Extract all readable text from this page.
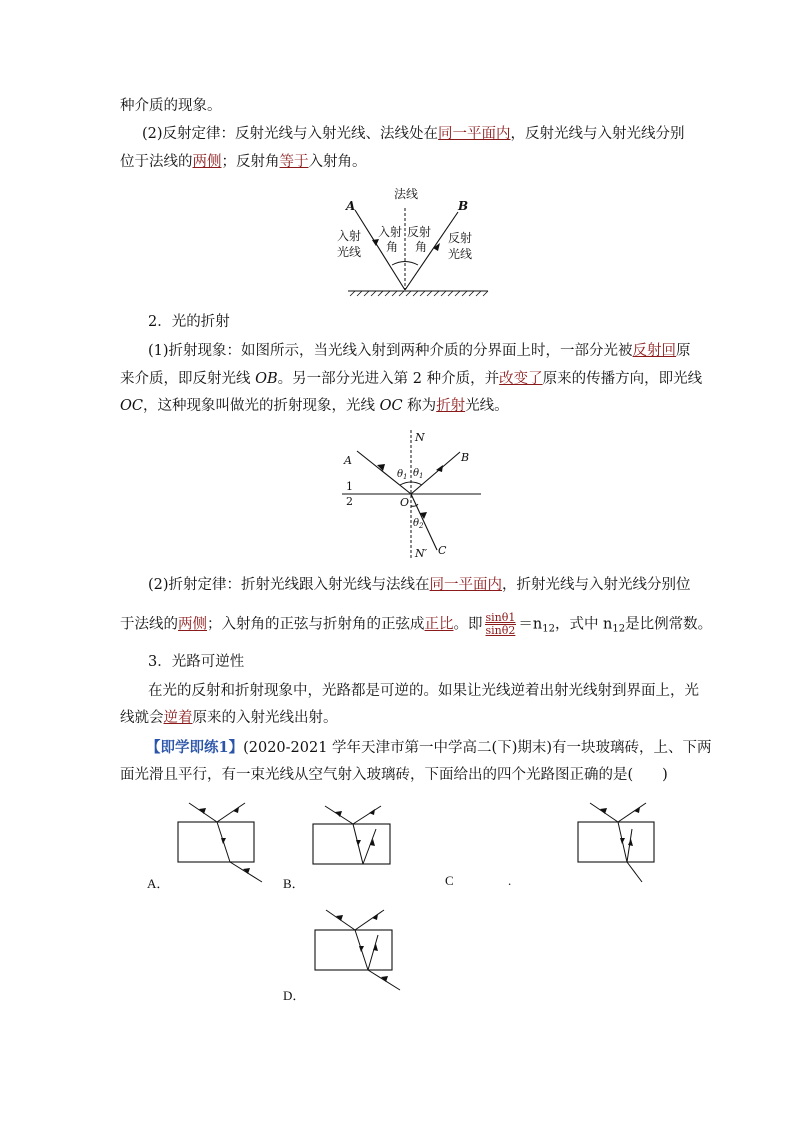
种介质的现象。
(2)反射定律：反射光线与入射光线、法线处在同一平面内，反射光线与入射光线分别
位于法线的两侧；反射角等于入射角。
法线
A	B
入射
光线
入射
角
反射
角
反射
光线
2．光的折射
(1)折射现象：如图所示，当光线入射到两种介质的分界面上时，一部分光被反射回原
来介质，即反射光线 OB。另一部分光进入第 2 种介质，并改变了原来的传播方向，即光线
OC，这种现象叫做光的折射现象，光线 OC 称为折射光线。
N
N′
A	B
C
O
1
2
$\theta_1$ $\theta_1$
$\theta_2$
(2)折射定律：折射光线跟入射光线与法线在同一平面内，折射光线与入射光线分别位
于法线的两侧；入射角的正弦与折射角的正弦成正比。即 $\frac{\sin\theta 1}{\sin\theta 2} =n_{12}$，式中 $n_{12}$是比例常数。
3．光路可逆性
在光的反射和折射现象中，光路都是可逆的。如果让光线逆着出射光线射到界面上，光
线就会逆着原来的入射光线出射。
【即学即练1】(2020-2021 学年天津市第一中学高二(下)期末)有一块玻璃砖，上、下两
面光滑且平行，有一束光线从空气射入玻璃砖，下面给出的四个光路图正确的是(　　)
A．	B．	C	.
D．
